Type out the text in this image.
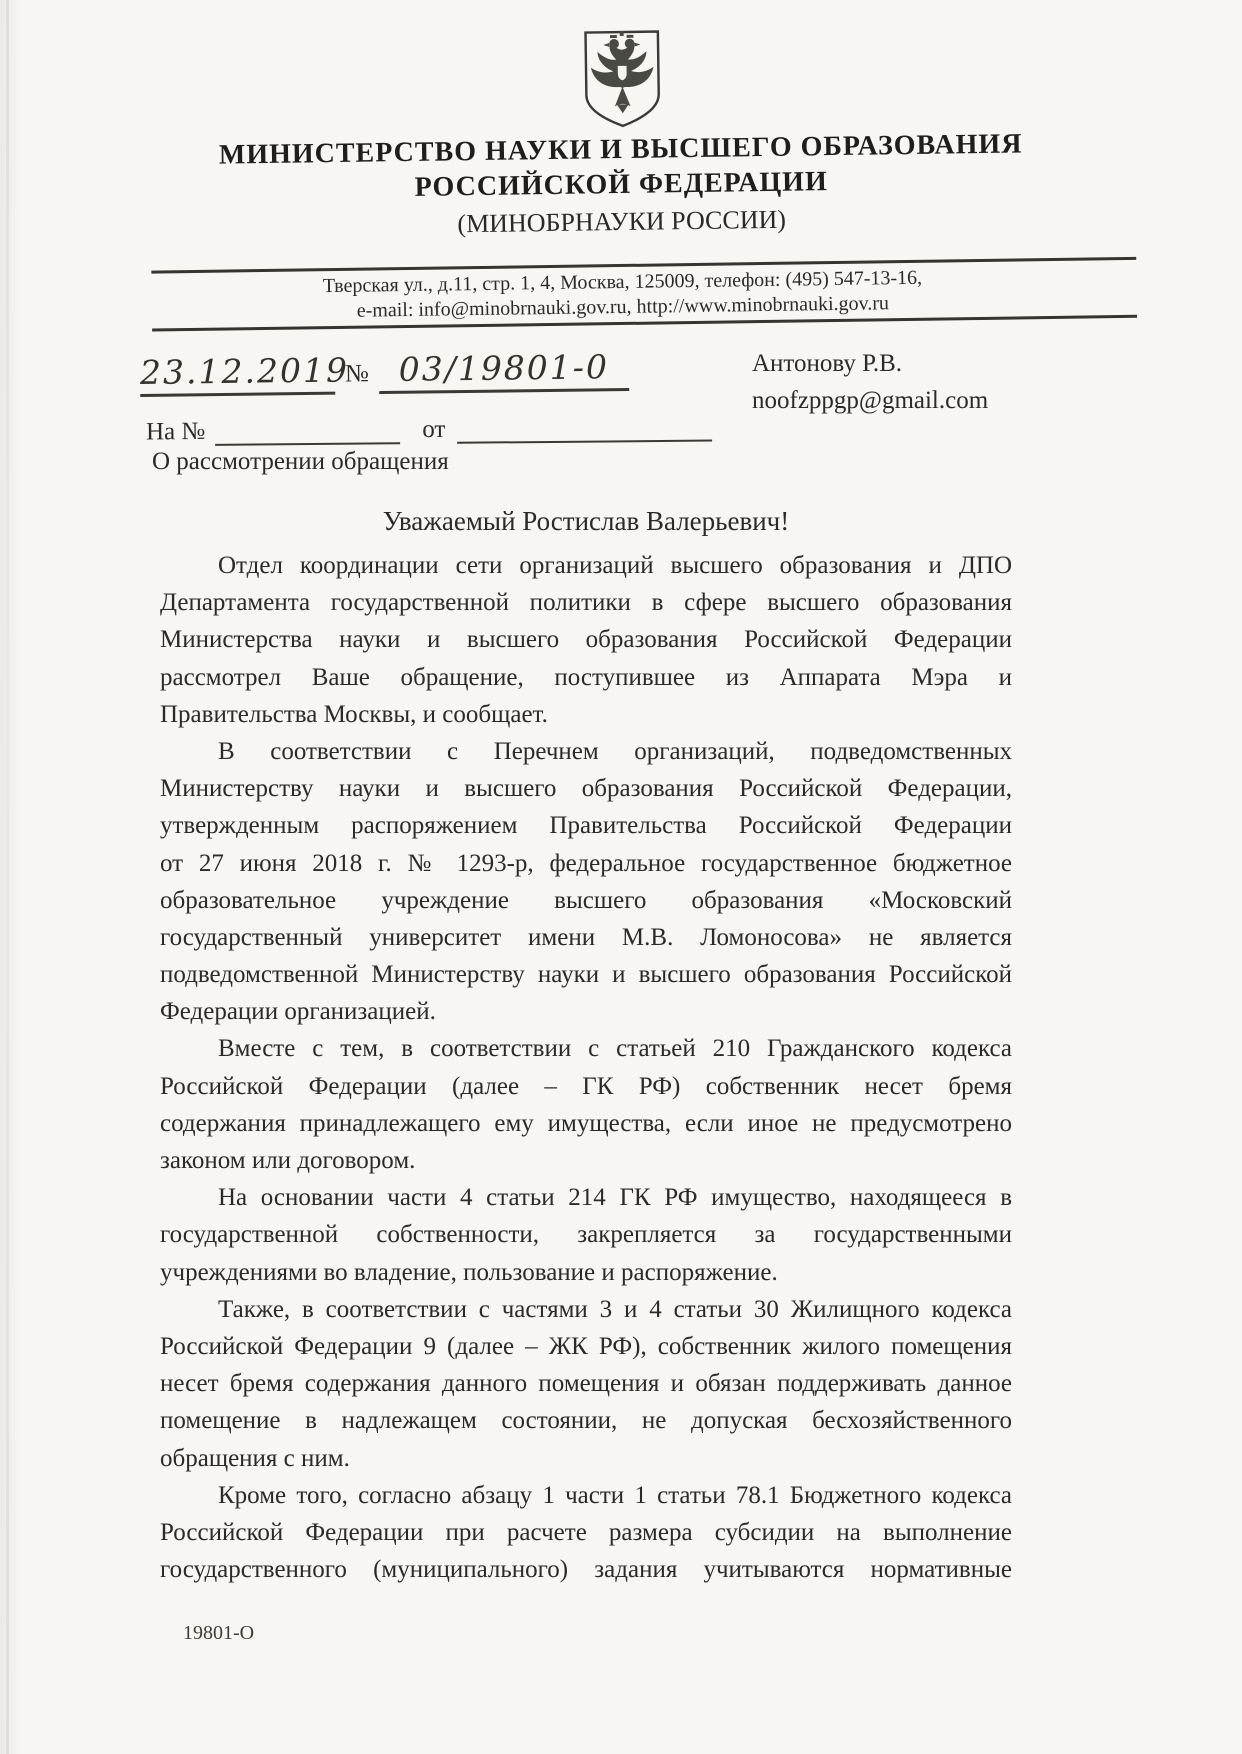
МИНИСТЕРСТВО НАУКИ И ВЫСШЕГО ОБРАЗОВАНИЯ
РОССИЙСКОЙ ФЕДЕРАЦИИ
(МИНОБРНАУКИ РОССИИ)
Тверская ул., д.11, стр. 1, 4, Москва, 125009, телефон: (495) 547-13-16,
e-mail: info@minobrnauki.gov.ru, http://www.minobrnauki.gov.ru
23.12.2019
№ 03/19801-0
На №	от
Антонову Р.В.
noofzppgp@gmail.com
О рассмотрении обращения
Уважаемый Ростислав Валерьевич!
Отдел координации сети организаций высшего образования и ДПО
Департамента государственной политики в сфере высшего образования
Министерства науки и высшего образования Российской Федерации
рассмотрел Ваше обращение, поступившее из Аппарата Мэра и
Правительства Москвы, и сообщает.
В соответствии с Перечнем организаций, подведомственных
Министерству науки и высшего образования Российской Федерации,
утвержденным распоряжением Правительства Российской Федерации
от 27 июня 2018 г. № 1293-р, федеральное государственное бюджетное
образовательное учреждение высшего образования «Московский
государственный университет имени М.В. Ломоносова» не является
подведомственной Министерству науки и высшего образования Российской
Федерации организацией.
Вместе с тем, в соответствии с статьей 210 Гражданского кодекса
Российской Федерации (далее – ГК РФ) собственник несет бремя
содержания принадлежащего ему имущества, если иное не предусмотрено
законом или договором.
На основании части 4 статьи 214 ГК РФ имущество, находящееся в
государственной собственности, закрепляется за государственными
учреждениями во владение, пользование и распоряжение.
Также, в соответствии с частями 3 и 4 статьи 30 Жилищного кодекса
Российской Федерации 9 (далее – ЖК РФ), собственник жилого помещения
несет бремя содержания данного помещения и обязан поддерживать данное
помещение в надлежащем состоянии, не допуская бесхозяйственного
обращения с ним.
Кроме того, согласно абзацу 1 части 1 статьи 78.1 Бюджетного кодекса
Российской Федерации при расчете размера субсидии на выполнение
государственного (муниципального) задания учитываются нормативные
19801-О
